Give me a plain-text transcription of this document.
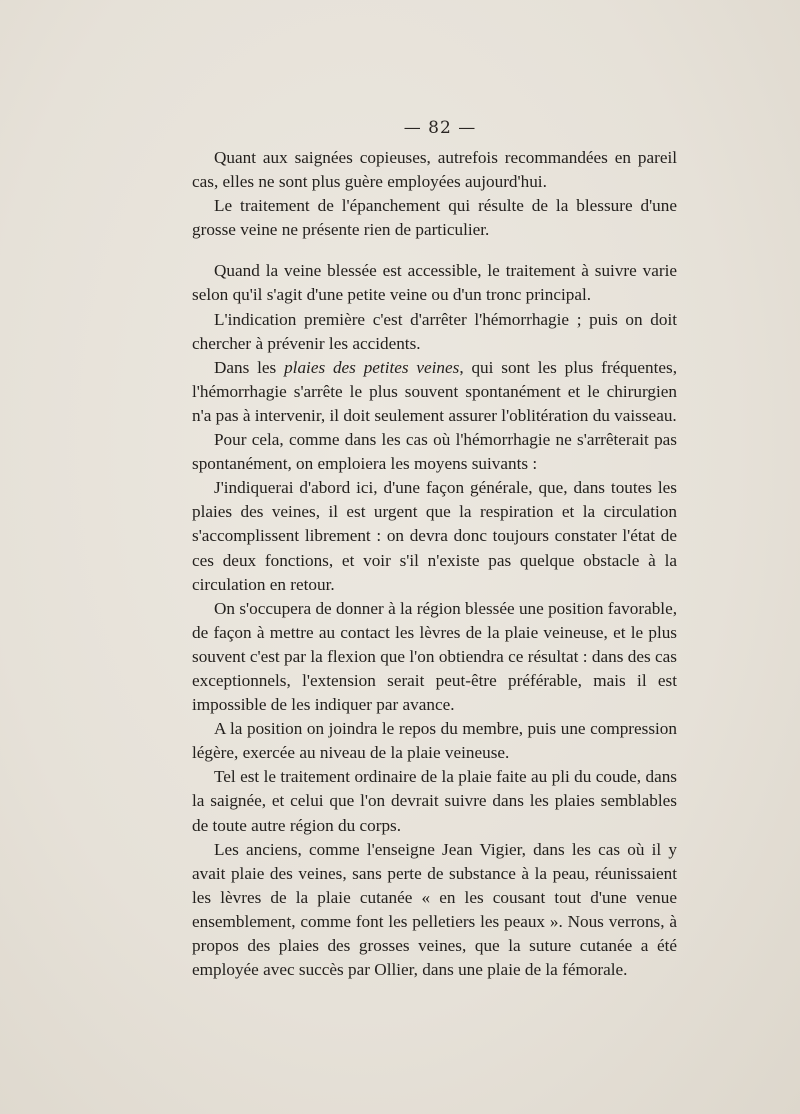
— 82 —

Quant aux saignées copieuses, autrefois recommandées en pareil cas, elles ne sont plus guère employées aujourd'hui.

Le traitement de l'épanchement qui résulte de la blessure d'une grosse veine ne présente rien de particulier.

Quand la veine blessée est accessible, le traitement à suivre varie selon qu'il s'agit d'une petite veine ou d'un tronc principal.

L'indication première c'est d'arrêter l'hémorrhagie ; puis on doit chercher à prévenir les accidents.

Dans les plaies des petites veines, qui sont les plus fréquentes, l'hémorrhagie s'arrête le plus souvent spontanément et le chirurgien n'a pas à intervenir, il doit seulement assurer l'oblitération du vaisseau.

Pour cela, comme dans les cas où l'hémorrhagie ne s'arrêterait pas spontanément, on emploiera les moyens suivants :

J'indiquerai d'abord ici, d'une façon générale, que, dans toutes les plaies des veines, il est urgent que la respiration et la circulation s'accomplissent librement : on devra donc toujours constater l'état de ces deux fonctions, et voir s'il n'existe pas quelque obstacle à la circulation en retour.

On s'occupera de donner à la région blessée une position favorable, de façon à mettre au contact les lèvres de la plaie veineuse, et le plus souvent c'est par la flexion que l'on obtiendra ce résultat : dans des cas exceptionnels, l'extension serait peut-être préférable, mais il est impossible de les indiquer par avance.

A la position on joindra le repos du membre, puis une compression légère, exercée au niveau de la plaie veineuse.

Tel est le traitement ordinaire de la plaie faite au pli du coude, dans la saignée, et celui que l'on devrait suivre dans les plaies semblables de toute autre région du corps.

Les anciens, comme l'enseigne Jean Vigier, dans les cas où il y avait plaie des veines, sans perte de substance à la peau, réunissaient les lèvres de la plaie cutanée « en les cousant tout d'une venue ensemblement, comme font les pelletiers les peaux ». Nous verrons, à propos des plaies des grosses veines, que la suture cutanée a été employée avec succès par Ollier, dans une plaie de la fémorale.
